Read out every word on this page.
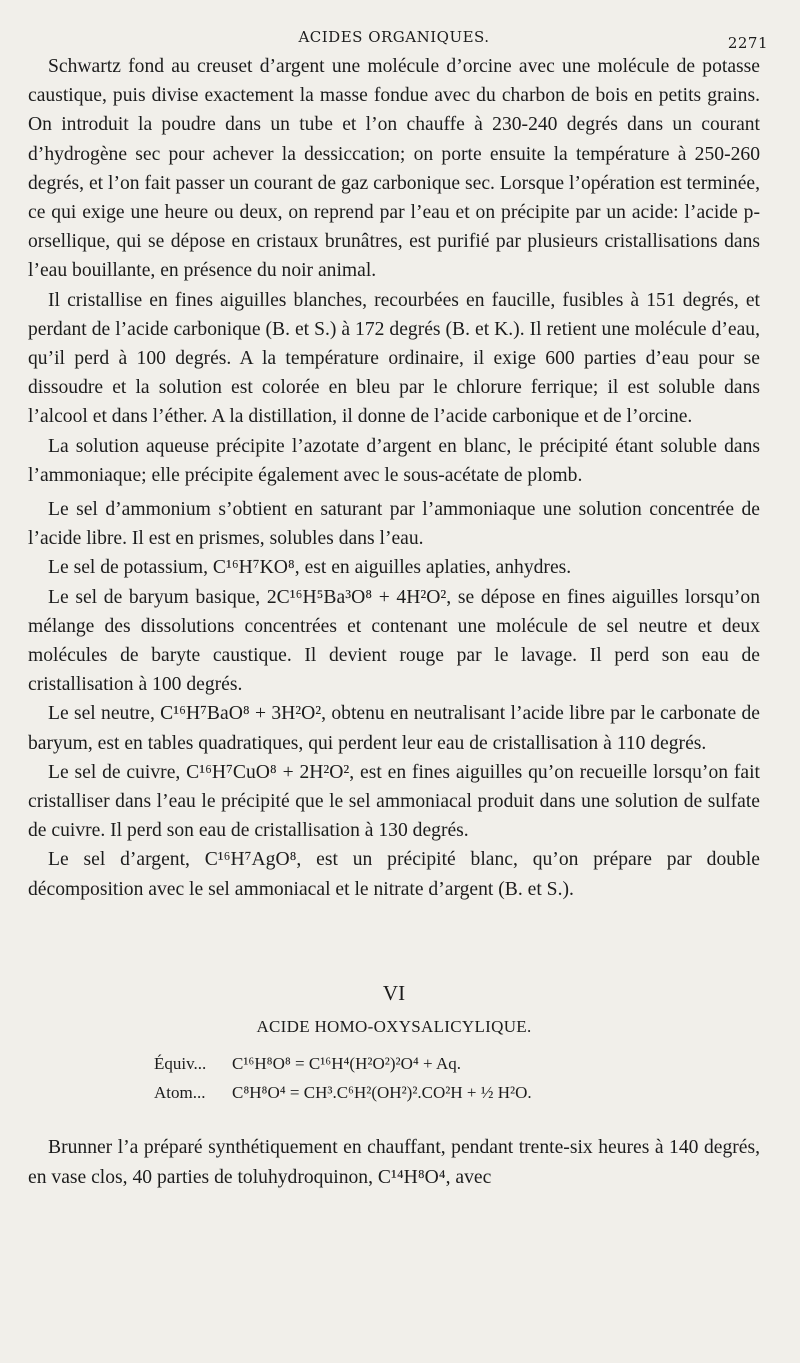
ACIDES ORGANIQUES.	2271

Schwartz fond au creuset d’argent une molécule d’orcine avec une molécule de potasse caustique, puis divise exactement la masse fondue avec du charbon de bois en petits grains. On introduit la poudre dans un tube et l’on chauffe à 230-240 degrés dans un courant d’hydrogène sec pour achever la dessiccation; on porte ensuite la température à 250-260 degrés, et l’on fait passer un courant de gaz carbonique sec. Lorsque l’opération est terminée, ce qui exige une heure ou deux, on reprend par l’eau et on précipite par un acide: l’acide p-orsellique, qui se dépose en cristaux brunâtres, est purifié par plusieurs cristallisations dans l’eau bouillante, en présence du noir animal.

Il cristallise en fines aiguilles blanches, recourbées en faucille, fusibles à 151 degrés, et perdant de l’acide carbonique (B. et S.) à 172 degrés (B. et K.). Il retient une molécule d’eau, qu’il perd à 100 degrés. A la température ordinaire, il exige 600 parties d’eau pour se dissoudre et la solution est colorée en bleu par le chlorure ferrique; il est soluble dans l’alcool et dans l’éther. A la distillation, il donne de l’acide carbonique et de l’orcine.

La solution aqueuse précipite l’azotate d’argent en blanc, le précipité étant soluble dans l’ammoniaque; elle précipite également avec le sous-acétate de plomb.

Le sel d’ammonium s’obtient en saturant par l’ammoniaque une solution concentrée de l’acide libre. Il est en prismes, solubles dans l’eau.

Le sel de potassium, C¹⁶H⁷KO⁸, est en aiguilles aplaties, anhydres.

Le sel de baryum basique, 2C¹⁶H⁵Ba³O⁸ + 4H²O², se dépose en fines aiguilles lorsqu’on mélange des dissolutions concentrées et contenant une molécule de sel neutre et deux molécules de baryte caustique. Il devient rouge par le lavage. Il perd son eau de cristallisation à 100 degrés.

Le sel neutre, C¹⁶H⁷BaO⁸ + 3H²O², obtenu en neutralisant l’acide libre par le carbonate de baryum, est en tables quadratiques, qui perdent leur eau de cristallisation à 110 degrés.

Le sel de cuivre, C¹⁶H⁷CuO⁸ + 2H²O², est en fines aiguilles qu’on recueille lorsqu’on fait cristalliser dans l’eau le précipité que le sel ammoniacal produit dans une solution de sulfate de cuivre. Il perd son eau de cristallisation à 130 degrés.

Le sel d’argent, C¹⁶H⁷AgO⁸, est un précipité blanc, qu’on prépare par double décomposition avec le sel ammoniacal et le nitrate d’argent (B. et S.).

VI
ACIDE HOMO-OXYSALICYLIQUE.
Équiv...	C¹⁶H⁸O⁸ = C¹⁶H⁴(H²O²)²O⁴ + Aq.
Atom...	C⁸H⁸O⁴ = CH³.C⁶H²(OH²)².CO²H + ½ H²O.

Brunner l’a préparé synthétiquement en chauffant, pendant trente-six heures à 140 degrés, en vase clos, 40 parties de toluhydroquinon, C¹⁴H⁸O⁴, avec
